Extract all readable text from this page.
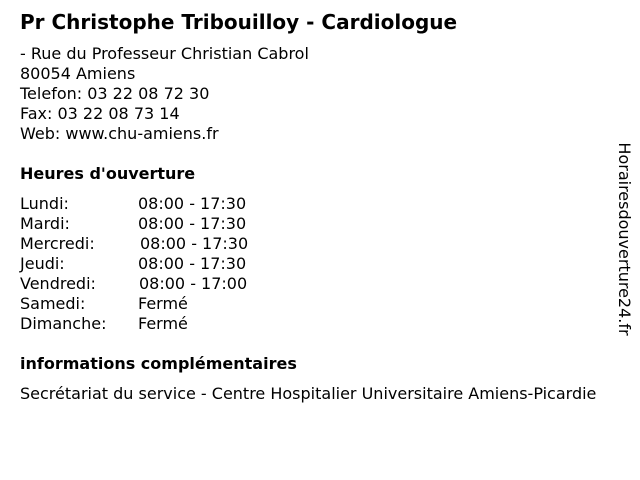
Pr Christophe Tribouilloy - Cardiologue
- Rue du Professeur Christian Cabrol
80054 Amiens
Telefon: 03 22 08 72 30
Fax: 03 22 08 73 14
Web: www.chu-amiens.fr
Heures d'ouverture
Lundi:	08:00 - 17:30
Mardi:	08:00 - 17:30
Mercredi:	08:00 - 17:30
Jeudi:	08:00 - 17:30
Vendredi:	08:00 - 17:00
Samedi:	Fermé
Dimanche: Fermé
informations complémentaires
Secrétariat du service - Centre Hospitalier Universitaire Amiens-Picardie
Horairesdouverture24.fr
